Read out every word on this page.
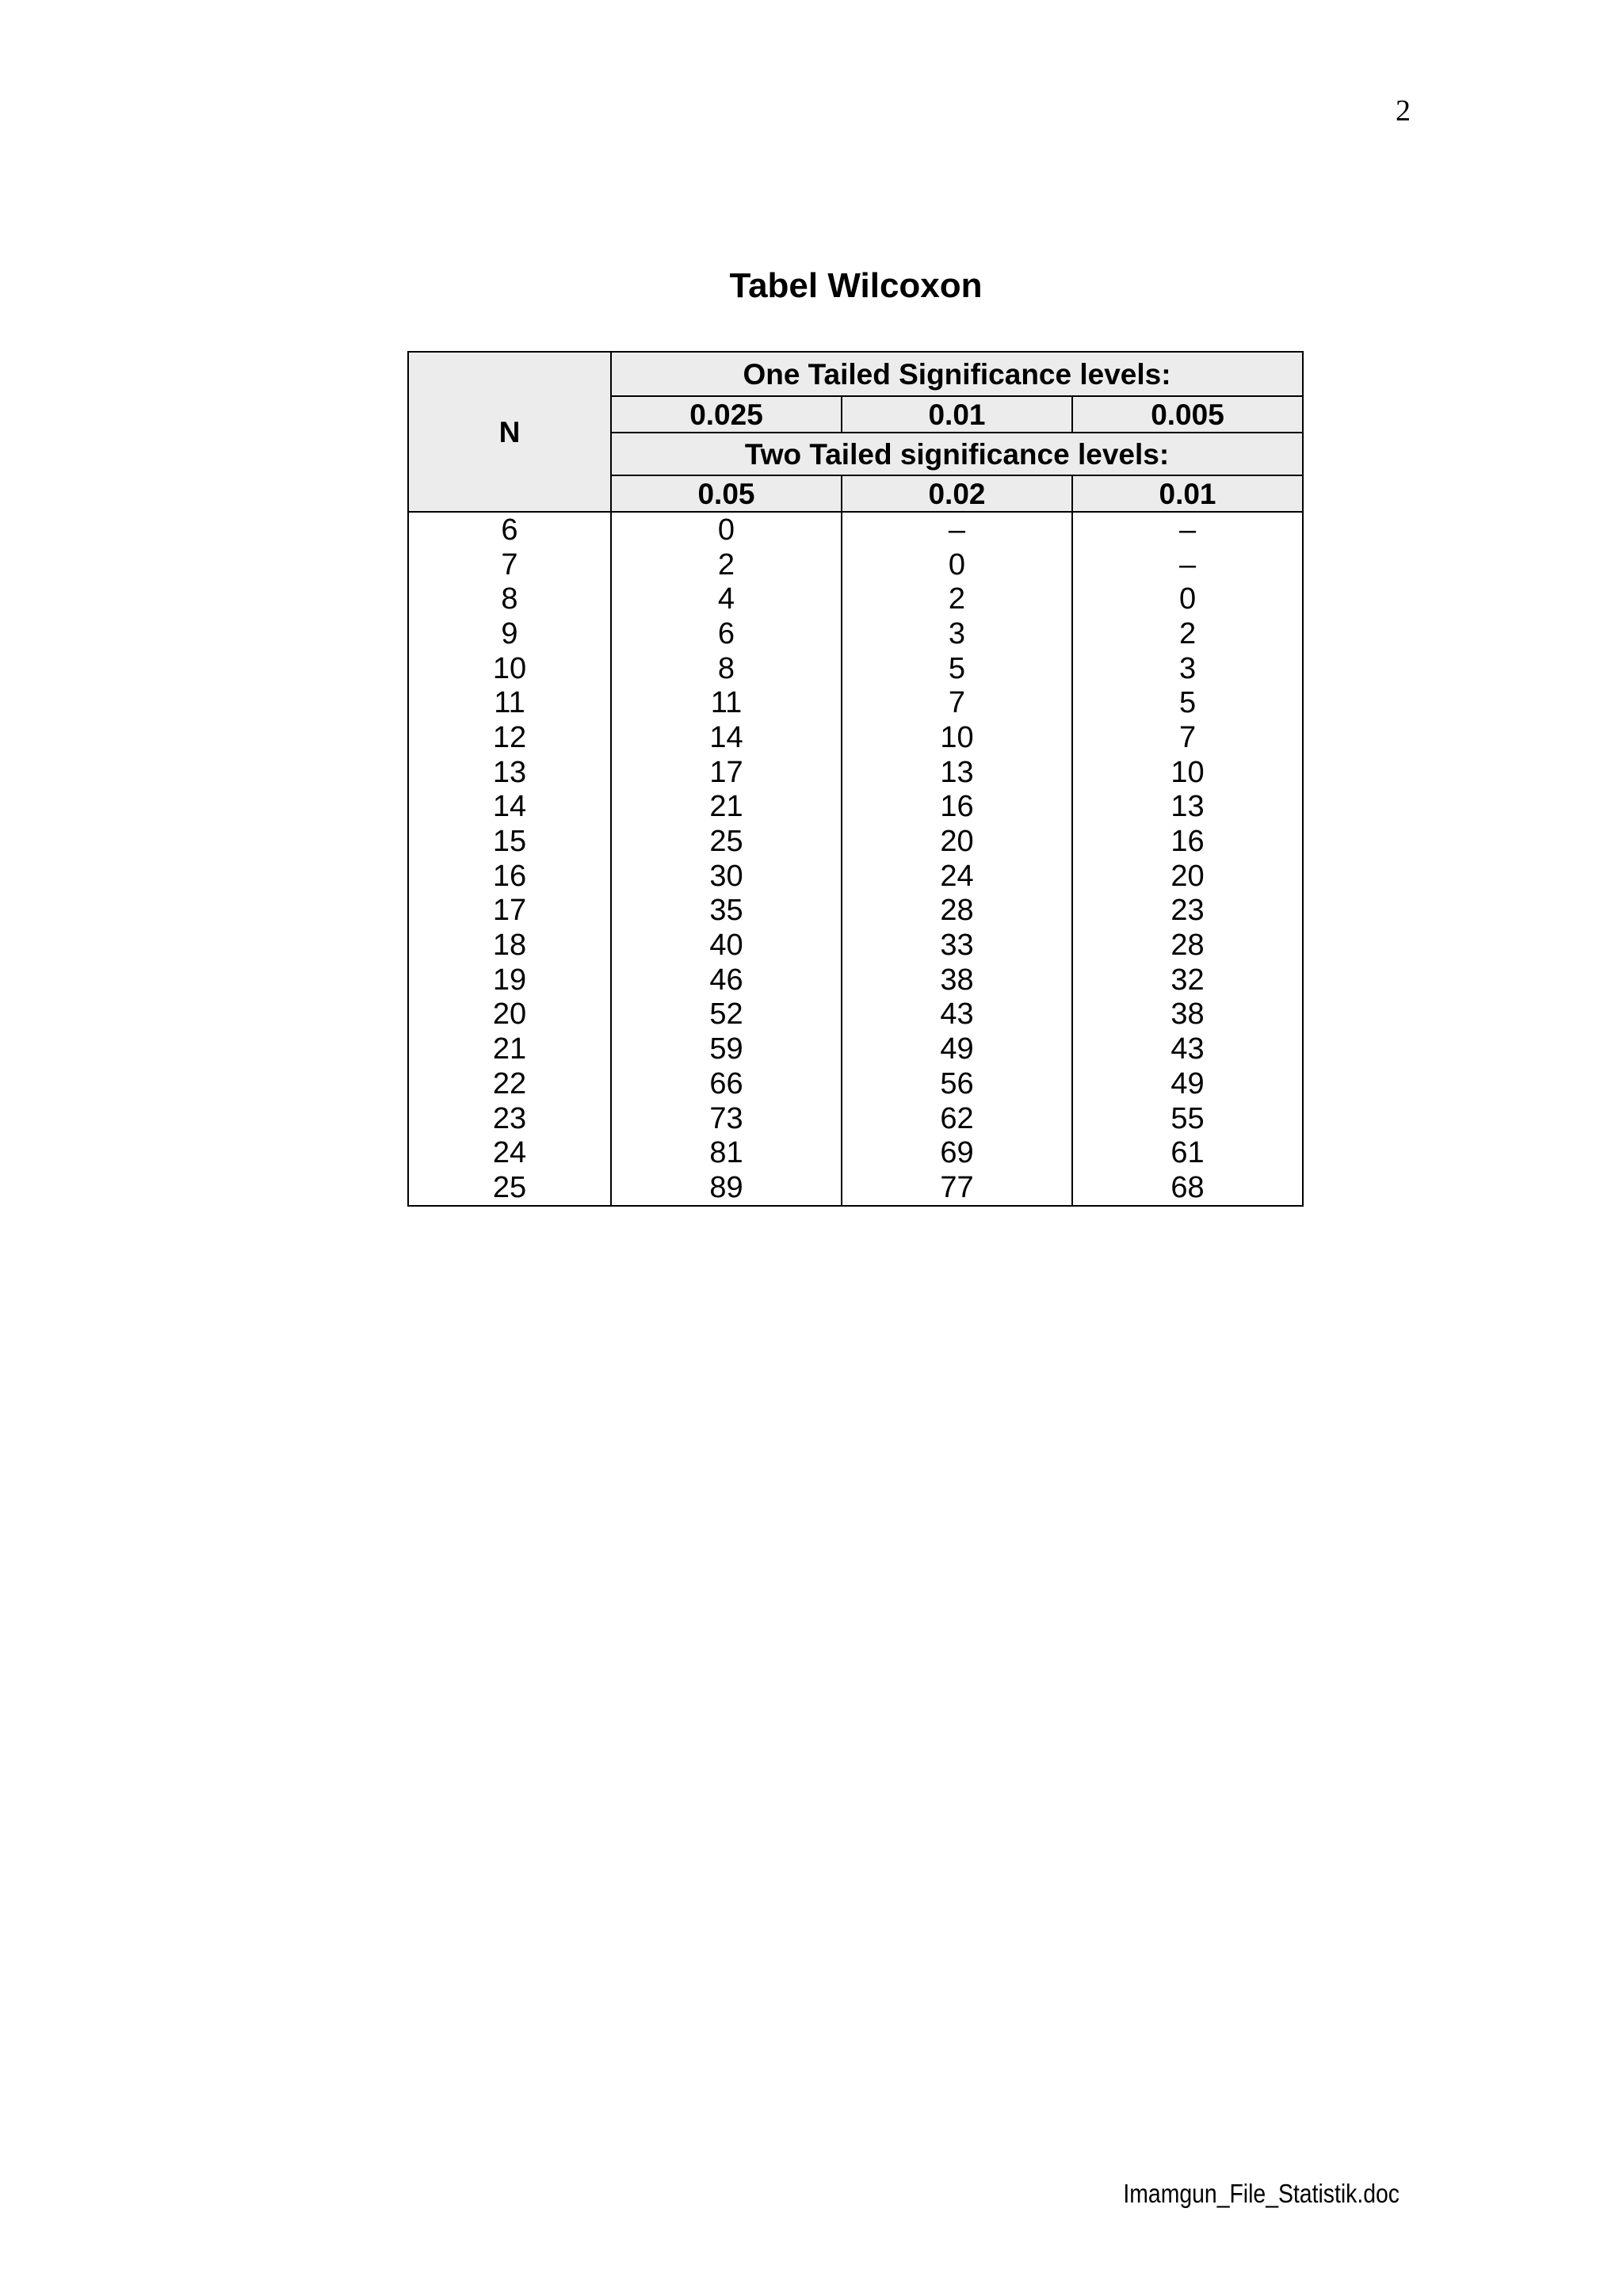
2
Tabel Wilcoxon
N	One Tailed Significance levels:		
	0.025	0.01	0.005
	Two Tailed significance levels:		
	0.05	0.02	0.01
6	0	–	–
7	2	0	–
8	4	2	0
9	6	3	2
10	8	5	3
11	11	7	5
12	14	10	7
13	17	13	10
14	21	16	13
15	25	20	16
16	30	24	20
17	35	28	23
18	40	33	28
19	46	38	32
20	52	43	38
21	59	49	43
22	66	56	49
23	73	62	55
24	81	69	61
25	89	77	68
Imamgun_File_Statistik.doc
